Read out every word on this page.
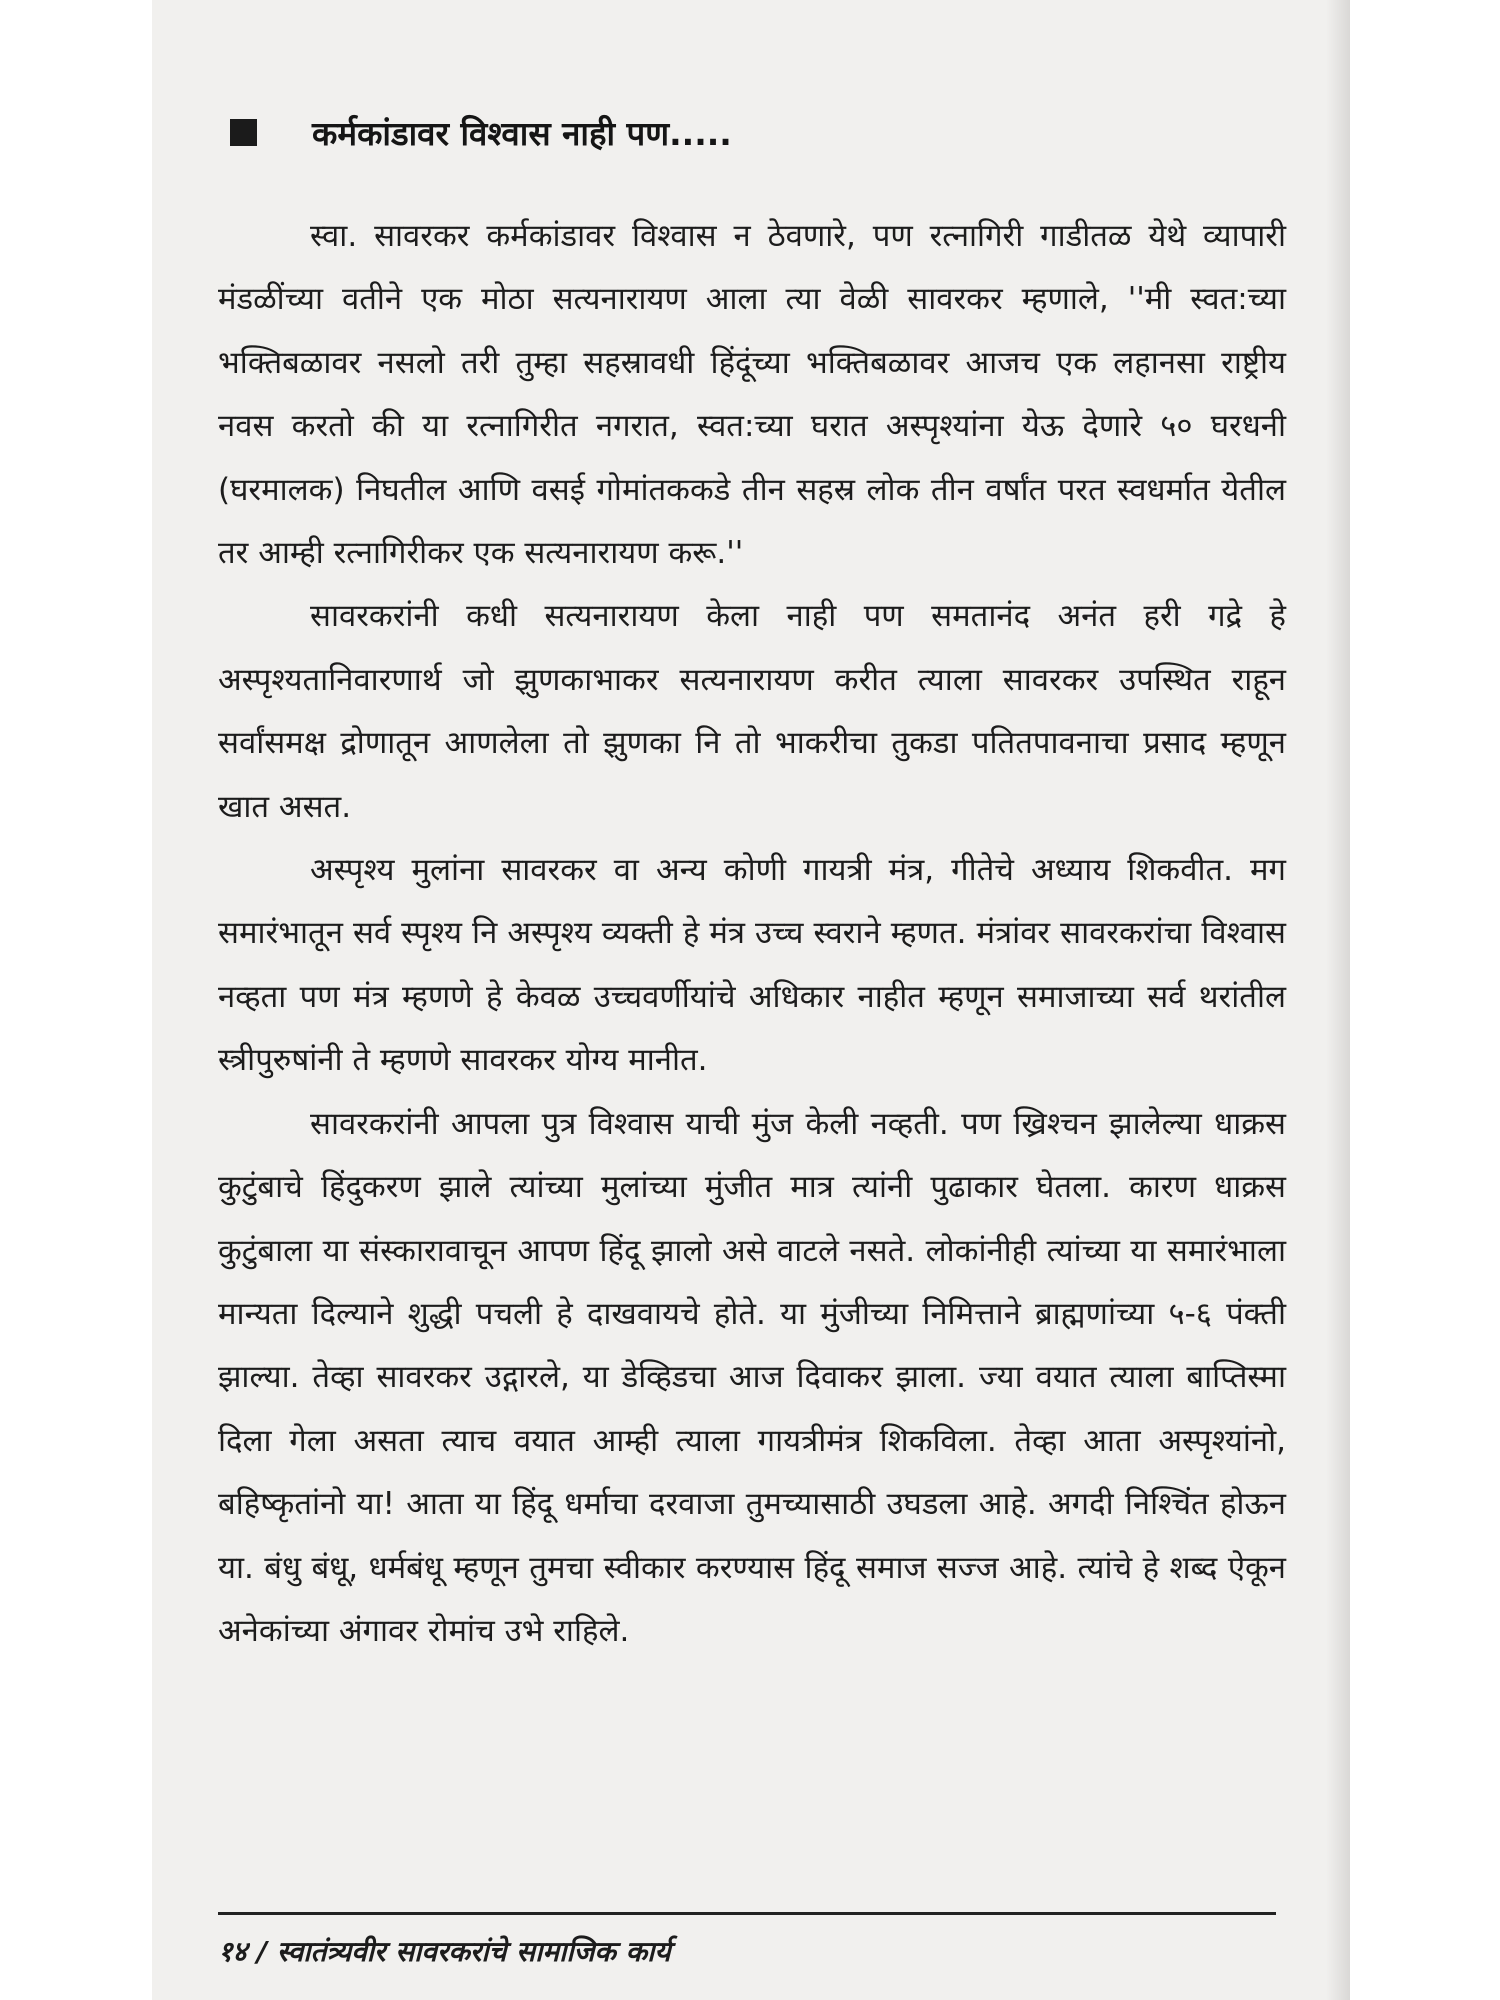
कर्मकांडावर विश्वास नाही पण.....

स्वा. सावरकर कर्मकांडावर विश्वास न ठेवणारे, पण रत्नागिरी गाडीतळ येथे व्यापारी मंडळींच्या वतीने एक मोठा सत्यनारायण आला त्या वेळी सावरकर म्हणाले, ''मी स्वत:च्या भक्तिबळावर नसलो तरी तुम्हा सहस्रावधी हिंदूंच्या भक्तिबळावर आजच एक लहानसा राष्ट्रीय नवस करतो की या रत्नागिरीत नगरात, स्वत:च्या घरात अस्पृश्यांना येऊ देणारे ५० घरधनी (घरमालक) निघतील आणि वसई गोमांतककडे तीन सहस्र लोक तीन वर्षांत परत स्वधर्मात येतील तर आम्ही रत्नागिरीकर एक सत्यनारायण करू.''

सावरकरांनी कधी सत्यनारायण केला नाही पण समतानंद अनंत हरी गद्रे हे अस्पृश्यतानिवारणार्थ जो झुणकाभाकर सत्यनारायण करीत त्याला सावरकर उपस्थित राहून सर्वांसमक्ष द्रोणातून आणलेला तो झुणका नि तो भाकरीचा तुकडा पतितपावनाचा प्रसाद म्हणून खात असत.

अस्पृश्य मुलांना सावरकर वा अन्य कोणी गायत्री मंत्र, गीतेचे अध्याय शिकवीत. मग समारंभातून सर्व स्पृश्य नि अस्पृश्य व्यक्ती हे मंत्र उच्च स्वराने म्हणत. मंत्रांवर सावरकरांचा विश्वास नव्हता पण मंत्र म्हणणे हे केवळ उच्चवर्णीयांचे अधिकार नाहीत म्हणून समाजाच्या सर्व थरांतील स्त्रीपुरुषांनी ते म्हणणे सावरकर योग्य मानीत.

सावरकरांनी आपला पुत्र विश्वास याची मुंज केली नव्हती. पण ख्रिश्चन झालेल्या धाक्रस कुटुंबाचे हिंदुकरण झाले त्यांच्या मुलांच्या मुंजीत मात्र त्यांनी पुढाकार घेतला. कारण धाक्रस कुटुंबाला या संस्कारावाचून आपण हिंदू झालो असे वाटले नसते. लोकांनीही त्यांच्या या समारंभाला मान्यता दिल्याने शुद्धी पचली हे दाखवायचे होते. या मुंजीच्या निमित्ताने ब्राह्मणांच्या ५-६ पंक्ती झाल्या. तेव्हा सावरकर उद्गारले, या डेव्हिडचा आज दिवाकर झाला. ज्या वयात त्याला बाप्तिस्मा दिला गेला असता त्याच वयात आम्ही त्याला गायत्रीमंत्र शिकविला. तेव्हा आता अस्पृश्यांनो, बहिष्कृतांनो या! आता या हिंदू धर्माचा दरवाजा तुमच्यासाठी उघडला आहे. अगदी निश्चिंत होऊन या. बंधु बंधू, धर्मबंधू म्हणून तुमचा स्वीकार करण्यास हिंदू समाज सज्ज आहे. त्यांचे हे शब्द ऐकून अनेकांच्या अंगावर रोमांच उभे राहिले.

१४ / स्वातंत्र्यवीर सावरकरांचे सामाजिक कार्य
